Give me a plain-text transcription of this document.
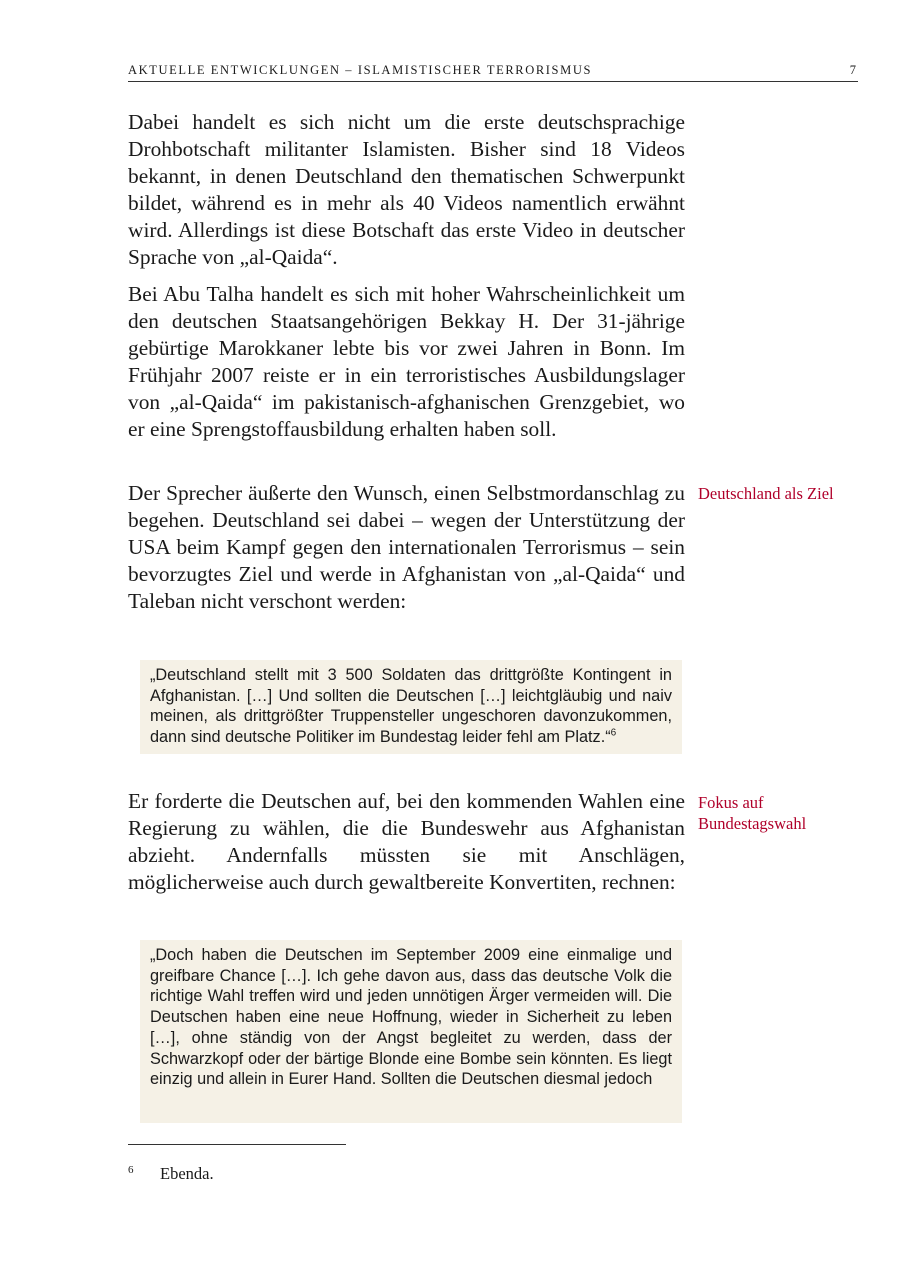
AKTUELLE ENTWICKLUNGEN – ISLAMISTISCHER TERRORISMUS	7

Dabei handelt es sich nicht um die erste deutschsprachige Drohbotschaft militanter Islamisten. Bisher sind 18 Videos bekannt, in denen Deutschland den thematischen Schwerpunkt bildet, während es in mehr als 40 Videos namentlich erwähnt wird. Allerdings ist diese Botschaft das erste Video in deutscher Sprache von „al-Qaida“.

Bei Abu Talha handelt es sich mit hoher Wahrscheinlichkeit um den deutschen Staatsangehörigen Bekkay H. Der 31-jährige gebürtige Marokkaner lebte bis vor zwei Jahren in Bonn. Im Frühjahr 2007 reiste er in ein terroristisches Ausbildungslager von „al-Qaida“ im pakistanisch-afghanischen Grenzgebiet, wo er eine Sprengstoffausbildung erhalten haben soll.

Der Sprecher äußerte den Wunsch, einen Selbstmordanschlag zu begehen. Deutschland sei dabei – wegen der Unterstützung der USA beim Kampf gegen den internationalen Terrorismus – sein bevorzugtes Ziel und werde in Afghanistan von „al-Qaida“ und Taleban nicht verschont werden:

Deutschland als Ziel
„Deutschland stellt mit 3 500 Soldaten das drittgrößte Kontingent in Afghanistan. […] Und sollten die Deutschen […] leichtgläubig und naiv meinen, als drittgrößter Truppensteller ungeschoren davonzukommen, dann sind deutsche Politiker im Bundestag leider fehl am Platz.“$^6$

Er forderte die Deutschen auf, bei den kommenden Wahlen eine Regierung zu wählen, die die Bundeswehr aus Afghanistan abzieht. Andernfalls müssten sie mit Anschlägen, möglicherweise auch durch gewaltbereite Konvertiten, rechnen:

Fokus auf Bundestagswahl
„Doch haben die Deutschen im September 2009 eine einmalige und greifbare Chance […]. Ich gehe davon aus, dass das deutsche Volk die richtige Wahl treffen wird und jeden unnötigen Ärger vermeiden will. Die Deutschen haben eine neue Hoffnung, wieder in Sicherheit zu leben […], ohne ständig von der Angst begleitet zu werden, dass der Schwarzkopf oder der bärtige Blonde eine Bombe sein könnten. Es liegt einzig und allein in Eurer Hand. Sollten die Deutschen diesmal jedoch
6 Ebenda.
